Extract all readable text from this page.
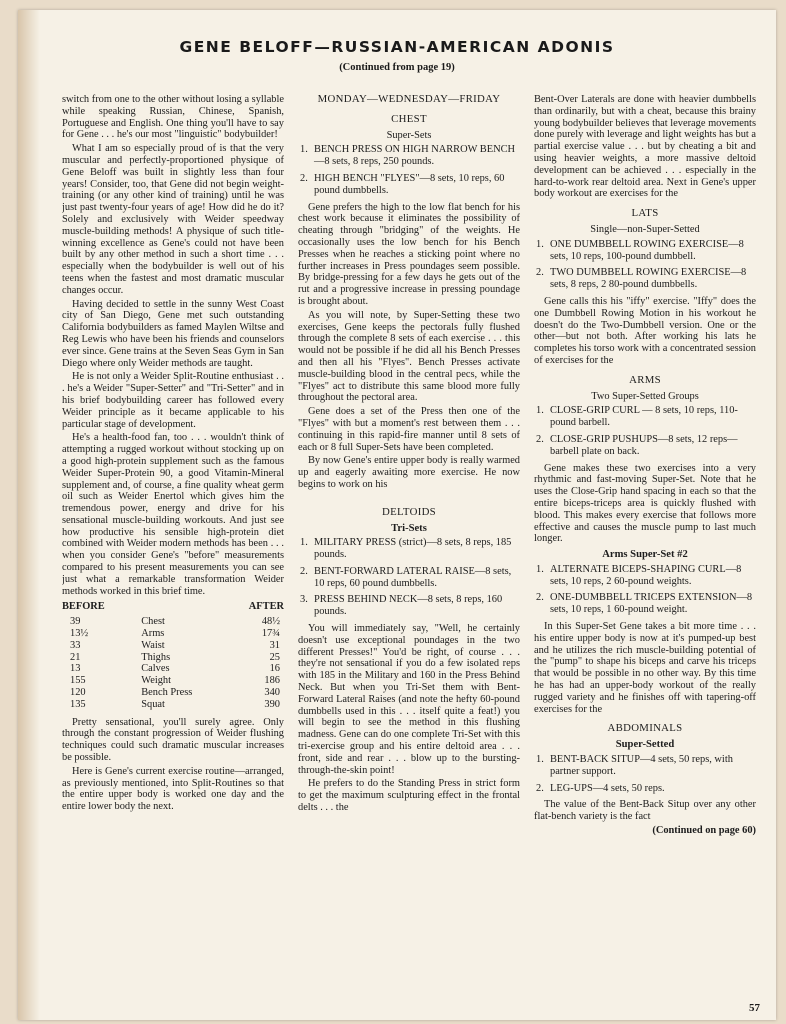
GENE BELOFF—RUSSIAN-AMERICAN ADONIS
(Continued from page 19)

switch from one to the other without losing a syllable while speaking Russian, Chinese, Spanish, Portuguese and English. One thing you'll have to say for Gene . . . he's our most "linguistic" bodybuilder!

What I am so especially proud of is that the very muscular and perfectly-proportioned physique of Gene Beloff was built in slightly less than four years! Consider, too, that Gene did not begin weight-training (or any other kind of training) until he was just past twenty-four years of age! How did he do it? Solely and exclusively with Weider speedway muscle-building methods! A physique of such title-winning excellence as Gene's could not have been built by any other method in such a short time . . . especially when the bodybuilder is well out of his teens when the fastest and most dramatic muscular changes occur.

Having decided to settle in the sunny West Coast city of San Diego, Gene met such outstanding California bodybuilders as famed Maylen Wiltse and Reg Lewis who have been his friends and counselors ever since. Gene trains at the Seven Seas Gym in San Diego where only Weider methods are taught.

He is not only a Weider Split-Routine enthusiast . . . he's a Weider "Super-Setter" and "Tri-Setter" and in his brief bodybuilding career has followed every Weider principle as it became applicable to his particular stage of development.

He's a health-food fan, too . . . wouldn't think of attempting a rugged workout without stocking up on a good high-protein supplement such as the famous Weider Super-Protein 90, a good Vitamin-Mineral supplement and, of course, a fine quality wheat germ oil such as Weider Enertol which gives him the tremendous power, energy and drive for his sensational muscle-building workouts. And just see how productive his sensible high-protein diet combined with Weider modern methods has been . . . when you consider Gene's "before" measurements compared to his present measurements you can see just what a remarkable transformation Weider methods worked in this brief time.

BEFORE		AFTER
39	Chest	48½
13½	Arms	17¾
33	Waist	31
21	Thighs	25
13	Calves	16
155	Weight	186
120	Bench Press	340
135	Squat	390

Pretty sensational, you'll surely agree. Only through the constant progression of Weider flushing techniques could such dramatic muscular increases be possible.

Here is Gene's current exercise routine—arranged, as previously mentioned, into Split-Routines so that the entire upper body is worked one day and the entire lower body the next.

MONDAY—WEDNESDAY—FRIDAY
CHEST
Super-Sets
1. BENCH PRESS ON HIGH NARROW BENCH—8 sets, 8 reps, 250 pounds.
2. HIGH BENCH "FLYES"—8 sets, 10 reps, 60 pound dumbbells.

Gene prefers the high to the low flat bench for his chest work because it eliminates the possibility of cheating through "bridging" of the weights. He occasionally uses the low bench for his Bench Presses when he reaches a sticking point where no further increases in Press poundages seem possible. By bridge-pressing for a few days he gets out of the rut and a progressive increase in pressing poundage is brought about.

As you will note, by Super-Setting these two exercises, Gene keeps the pectorals fully flushed through the complete 8 sets of each exercise . . . this would not be possible if he did all his Bench Presses and then all his "Flyes". Bench Presses activate muscle-building blood in the central pecs, while the "Flyes" act to distribute this same blood more fully throughout the pectoral area.

Gene does a set of the Press then one of the "Flyes" with but a moment's rest between them . . . continuing in this rapid-fire manner until 8 sets of each or 8 full Super-Sets have been completed.

By now Gene's entire upper body is really warmed up and eagerly awaiting more exercise. He now begins to work on his

DELTOIDS
Tri-Sets
1. MILITARY PRESS (strict)—8 sets, 8 reps, 185 pounds.
2. BENT-FORWARD LATERAL RAISE—8 sets, 10 reps, 60 pound dumbbells.
3. PRESS BEHIND NECK—8 sets, 8 reps, 160 pounds.

You will immediately say, "Well, he certainly doesn't use exceptional poundages in the two different Presses!" You'd be right, of course . . . they're not sensational if you do a few isolated reps with 185 in the Military and 160 in the Press Behind Neck. But when you Tri-Set them with Bent-Forward Lateral Raises (and note the hefty 60-pound dumbbells used in this . . . itself quite a feat!) you will begin to see the method in this flushing madness. Gene can do one complete Tri-Set with this tri-exercise group and his entire deltoid area . . . front, side and rear . . . blow up to the bursting-through-the-skin point!

He prefers to do the Standing Press in strict form to get the maximum sculpturing effect in the frontal delts . . . the

Bent-Over Laterals are done with heavier dumbbells than ordinarily, but with a cheat, because this brainy young bodybuilder believes that leverage movements done purely with leverage and light weights has but a partial exercise value . . . but by cheating a bit and using heavier weights, a more massive deltoid development can be achieved . . . especially in the hard-to-work rear deltoid area. Next in Gene's upper body workout are exercises for the

LATS
Single—non-Super-Setted
1. ONE DUMBBELL ROWING EXERCISE—8 sets, 10 reps, 100-pound dumbbell.
2. TWO DUMBBELL ROWING EXERCISE—8 sets, 8 reps, 2 80-pound dumbbells.

Gene calls this his "iffy" exercise. "Iffy" does the one Dumbbell Rowing Motion in his workout he doesn't do the Two-Dumbbell version. One or the other—but not both. After working his lats he completes his torso work with a concentrated session of exercises for the

ARMS
Two Super-Setted Groups
1. CLOSE-GRIP CURL — 8 sets, 10 reps, 110-pound barbell.
2. CLOSE-GRIP PUSHUPS—8 sets, 12 reps—barbell plate on back.

Gene makes these two exercises into a very rhythmic and fast-moving Super-Set. Note that he uses the Close-Grip hand spacing in each so that the entire biceps-triceps area is quickly flushed with blood. This makes every exercise that follows more effective and causes the muscle pump to last much longer.

Arms Super-Set #2
1. ALTERNATE BICEPS-SHAPING CURL—8 sets, 10 reps, 2 60-pound weights.
2. ONE-DUMBBELL TRICEPS EXTENSION—8 sets, 10 reps, 1 60-pound weight.

In this Super-Set Gene takes a bit more time . . . his entire upper body is now at it's pumped-up best and he utilizes the rich muscle-building potential of the "pump" to shape his biceps and carve his triceps that would be possible in no other way. By this time he has had an upper-body workout of the really rugged variety and he finishes off with tapering-off exercises for the

ABDOMINALS
Super-Setted
1. BENT-BACK SITUP—4 sets, 50 reps, with partner support.
2. LEG-UPS—4 sets, 50 reps.

The value of the Bent-Back Situp over any other flat-bench variety is the fact

(Continued on page 60)
57
